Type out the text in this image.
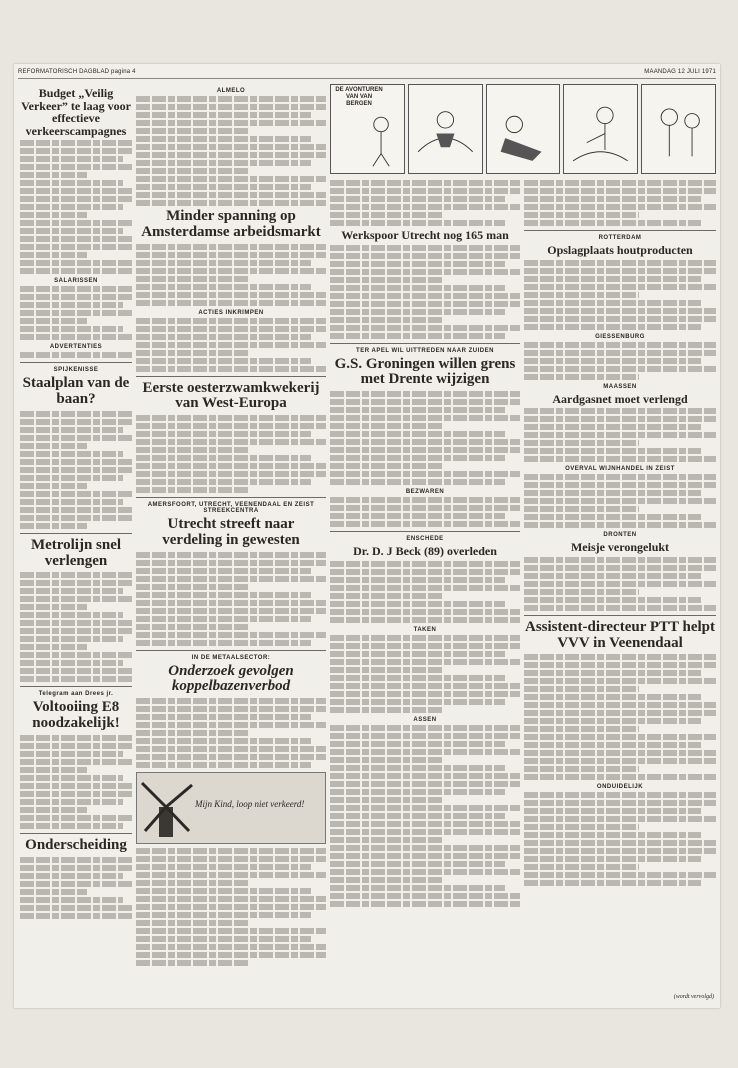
REFORMATORISCH DAGBLAD pagina 4	MAANDAG 12 JULI 1971
Budget „Veilig Verkeer” te laag voor effectieve verkeerscampagnes
SALARISSEN
ADVERTENTIES
SPIJKENISSE
Staalplan van de baan?
Metrolijn snel verlengen
Telegram aan Drees jr.
Voltooiing E8 noodzakelijk!
Onderscheiding
ALMELO
Minder spanning op Amsterdamse arbeidsmarkt
ACTIES INKRIMPEN
Eerste oesterzwamkwekerij van West-Europa
AMERSFOORT, UTRECHT, VEENENDAAL EN ZEIST STREEKCENTRA
Utrecht streeft naar verdeling in gewesten
IN DE METAALSECTOR:
Onderzoek gevolgen koppelbazenverbod
Mijn Kind, loop niet verkeerd!
DE AVONTUREN VAN VAN BERGEN
Werkspoor Utrecht nog 165 man
TER APEL WIL UITTREDEN NAAR ZUIDEN
G.S. Groningen willen grens met Drente wijzigen
BEZWAREN
ENSCHEDE
Dr. D. J Beck (89) overleden
TAKEN
ASSEN
ROTTERDAM
Opslagplaats houtproducten
GIESSENBURG
MAASSEN
Aardgasnet moet verlengd
OVERVAL WIJNHANDEL IN ZEIST
DRONTEN
Meisje verongelukt
Assistent-directeur PTT helpt VVV in Veenendaal
ONDUIDELIJK
(wordt vervolgd)
